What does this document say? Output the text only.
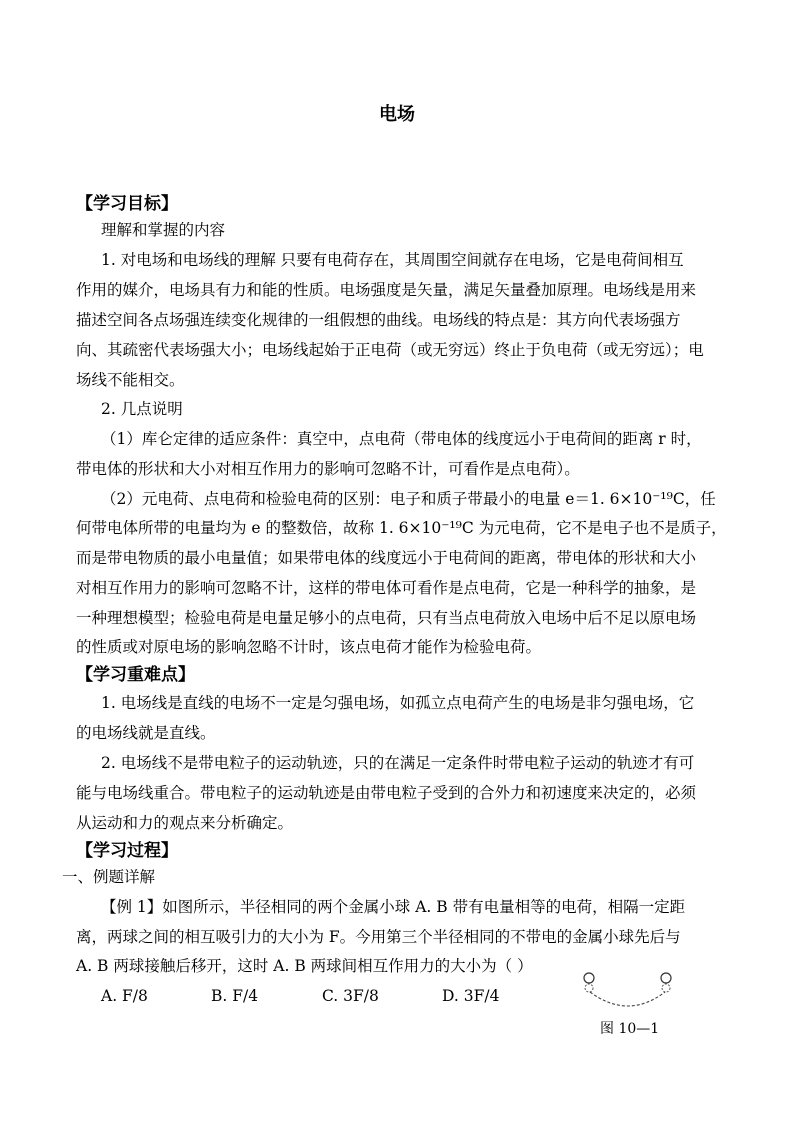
电场
【学习目标】
理解和掌握的内容
1. 对电场和电场线的理解 只要有电荷存在，其周围空间就存在电场，它是电荷间相互
作用的媒介，电场具有力和能的性质。电场强度是矢量，满足矢量叠加原理。电场线是用来
描述空间各点场强连续变化规律的一组假想的曲线。电场线的特点是：其方向代表场强方
向、其疏密代表场强大小；电场线起始于正电荷（或无穷远）终止于负电荷（或无穷远）；电
场线不能相交。
2. 几点说明
（1）库仑定律的适应条件：真空中，点电荷（带电体的线度远小于电荷间的距离 r 时，
带电体的形状和大小对相互作用力的影响可忽略不计，可看作是点电荷）。
（2）元电荷、点电荷和检验电荷的区别：电子和质子带最小的电量 e＝1. 6×10⁻¹⁹C，任
何带电体所带的电量均为 e 的整数倍，故称 1. 6×10⁻¹⁹C 为元电荷，它不是电子也不是质子，
而是带电物质的最小电量值；如果带电体的线度远小于电荷间的距离，带电体的形状和大小
对相互作用力的影响可忽略不计，这样的带电体可看作是点电荷，它是一种科学的抽象，是
一种理想模型；检验电荷是电量足够小的点电荷，只有当点电荷放入电场中后不足以原电场
的性质或对原电场的影响忽略不计时，该点电荷才能作为检验电荷。
【学习重难点】
1. 电场线是直线的电场不一定是匀强电场，如孤立点电荷产生的电场是非匀强电场，它
的电场线就是直线。
2. 电场线不是带电粒子的运动轨迹，只的在满足一定条件时带电粒子运动的轨迹才有可
能与电场线重合。带电粒子的运动轨迹是由带电粒子受到的合外力和初速度来决定的，必须
从运动和力的观点来分析确定。
【学习过程】
一、例题详解
【例 1】如图所示，半径相同的两个金属小球 A. B 带有电量相等的电荷，相隔一定距
离，两球之间的相互吸引力的大小为 F。今用第三个半径相同的不带电的金属小球先后与
A. B 两球接触后移开，这时 A. B 两球间相互作用力的大小为（ ）
A. F/8	B. F/4	C. 3F/8	D. 3F/4
图 10—1
